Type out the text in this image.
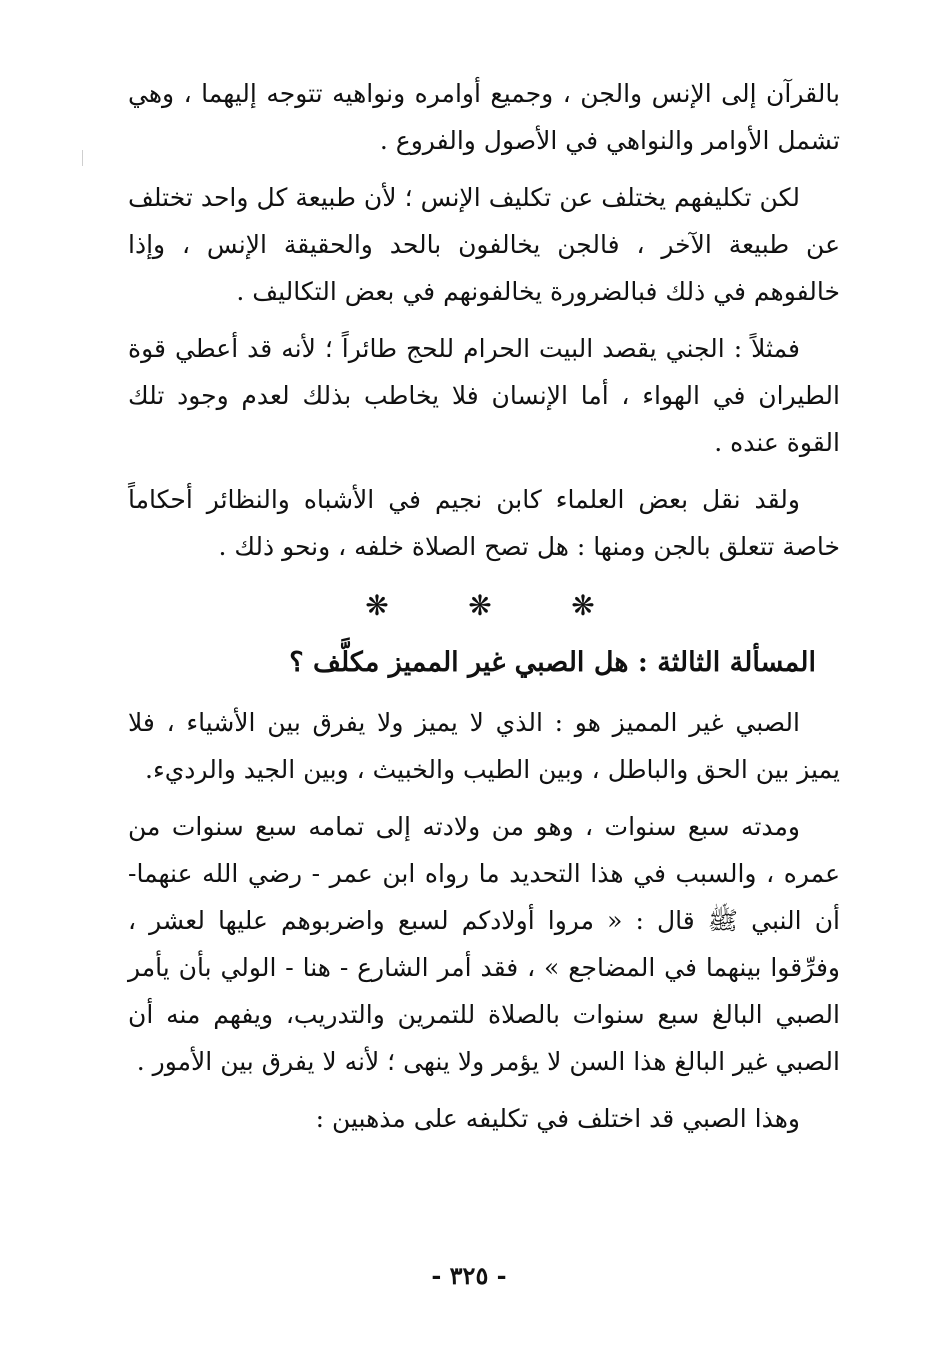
بالقرآن إلى الإنس والجن ، وجميع أوامره ونواهيه تتوجه إليهما ، وهي تشمل الأوامر والنواهي في الأصول والفروع .

لكن تكليفهم يختلف عن تكليف الإنس ؛ لأن طبيعة كل واحد تختلف عن طبيعة الآخر ، فالجن يخالفون بالحد والحقيقة الإنس ، وإذا خالفوهم في ذلك فبالضرورة يخالفونهم في بعض التكاليف .

فمثلاً : الجني يقصد البيت الحرام للحج طائراً ؛ لأنه قد أعطي قوة الطيران في الهواء ، أما الإنسان فلا يخاطب بذلك لعدم وجود تلك القوة عنده .

ولقد نقل بعض العلماء كابن نجيم في الأشباه والنظائر أحكاماً خاصة تتعلق بالجن ومنها : هل تصح الصلاة خلفه ، ونحو ذلك .

❋	❋	❋
المسألة الثالثة : هل الصبي غير المميز مكلَّف ؟

الصبي غير المميز هو : الذي لا يميز ولا يفرق بين الأشياء ، فلا يميز بين الحق والباطل ، وبين الطيب والخبيث ، وبين الجيد والرديء.

ومدته سبع سنوات ، وهو من ولادته إلى تمامه سبع سنوات من عمره ، والسبب في هذا التحديد ما رواه ابن عمر - رضي الله عنهما- أن النبي ﷺ قال : « مروا أولادكم لسبع واضربوهم عليها لعشر ، وفرِّقوا بينهما في المضاجع » ، فقد أمر الشارع - هنا - الولي بأن يأمر الصبي البالغ سبع سنوات بالصلاة للتمرين والتدريب، ويفهم منه أن الصبي غير البالغ هذا السن لا يؤمر ولا ينهى ؛ لأنه لا يفرق بين الأمور .

وهذا الصبي قد اختلف في تكليفه على مذهبين :

- ٣٢٥ -
